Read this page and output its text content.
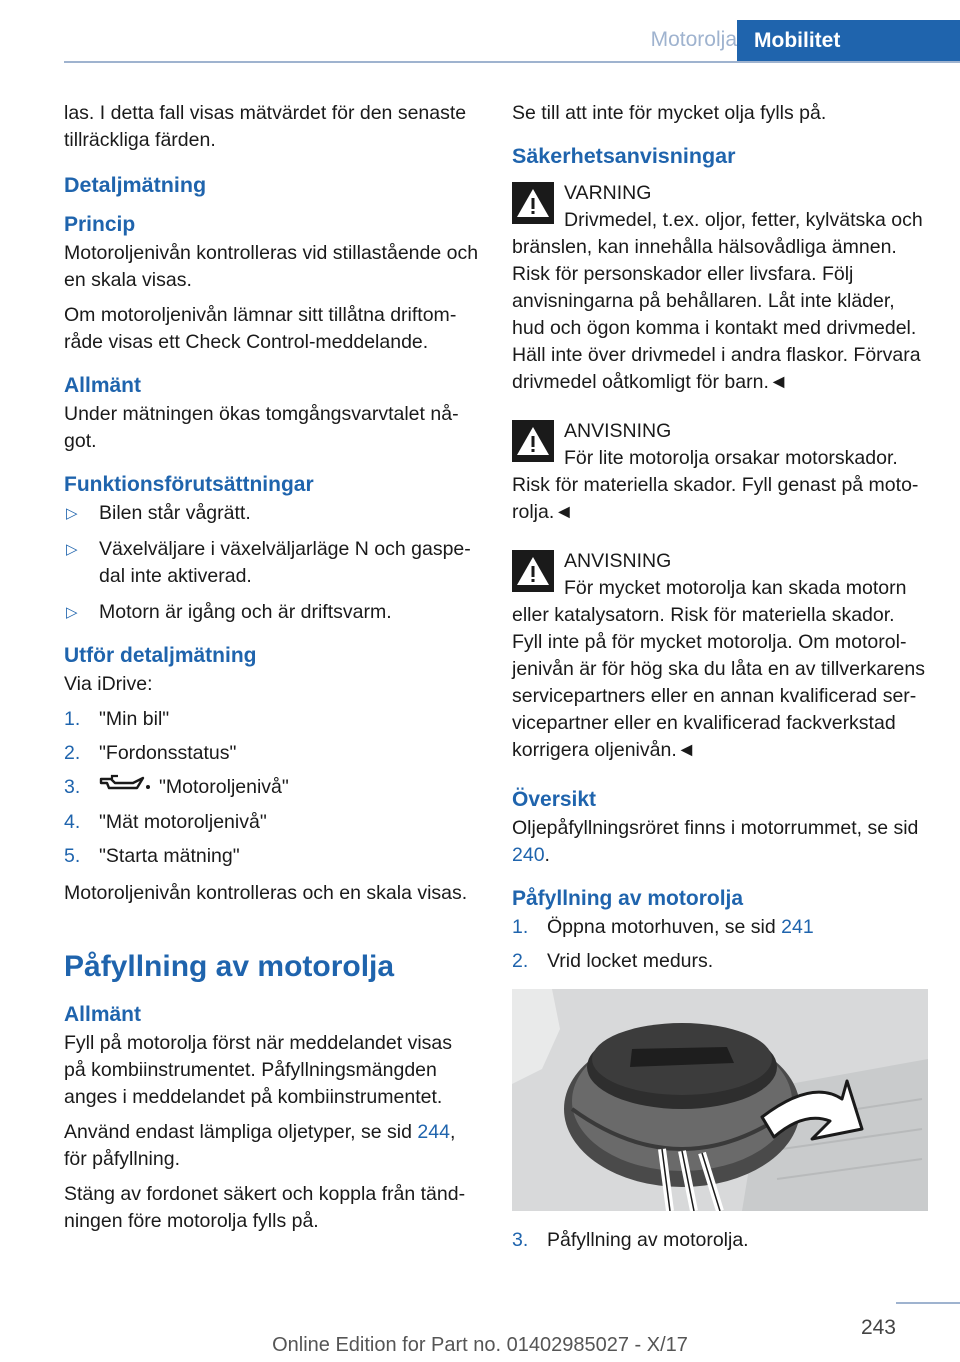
Motorolja Mobilitet

las. I detta fall visas mätvärdet för den senaste tillräckliga färden.

Detaljmätning
Princip

Motoroljenivån kontrolleras vid stillastående och en skala visas.

Om motoroljenivån lämnar sitt tillåtna driftområde visas ett Check Control-meddelande.

Allmänt

Under mätningen ökas tomgångsvarvtalet något.

Funktionsförutsättningar
▷ Bilen står vågrätt.
▷ Växelväljare i växelväljarläge N och gaspedal inte aktiverad.
▷ Motorn är igång och är driftsvarm.
Utför detaljmätning

Via iDrive:

1. "Min bil"
2. "Fordonsstatus"
3.	"Motoroljenivå"
4. "Mät motoroljenivå"
5. "Starta mätning"

Motoroljenivån kontrolleras och en skala visas.

Påfyllning av motorolja
Allmänt

Fyll på motorolja först när meddelandet visas på kombiinstrumentet. Påfyllningsmängden anges i meddelandet på kombiinstrumentet.

Använd endast lämpliga oljetyper, se sid 244, för påfyllning.

Stäng av fordonet säkert och koppla från tändningen före motorolja fylls på.

Se till att inte för mycket olja fylls på.

Säkerhetsanvisningar
VARNING
Drivmedel, t.ex. oljor, fetter, kylvätska och bränslen, kan innehålla hälsovådliga ämnen. Risk för personskador eller livsfara. Följ anvisningarna på behållaren. Låt inte kläder, hud och ögon komma i kontakt med drivmedel. Häll inte över drivmedel i andra flaskor. Förvara drivmedel oåtkomligt för barn.◄
ANVISNING
För lite motorolja orsakar motorskador. Risk för materiella skador. Fyll genast på motorolja.◄
ANVISNING
För mycket motorolja kan skada motorn eller katalysatorn. Risk för materiella skador. Fyll inte på för mycket motorolja. Om motoroljenivån är för hög ska du låta en av tillverkarens servicepartners eller en annan kvalificerad servicepartner eller en kvalificerad fackverkstad korrigera oljenivån.◄
Översikt

Oljepåfyllningsröret finns i motorrummet, se sid 240.

Påfyllning av motorolja
1. Öppna motorhuven, se sid 241
2. Vrid locket medurs.
3. Påfyllning av motorolja.
243
Online Edition for Part no. 01402985027 - X/17
